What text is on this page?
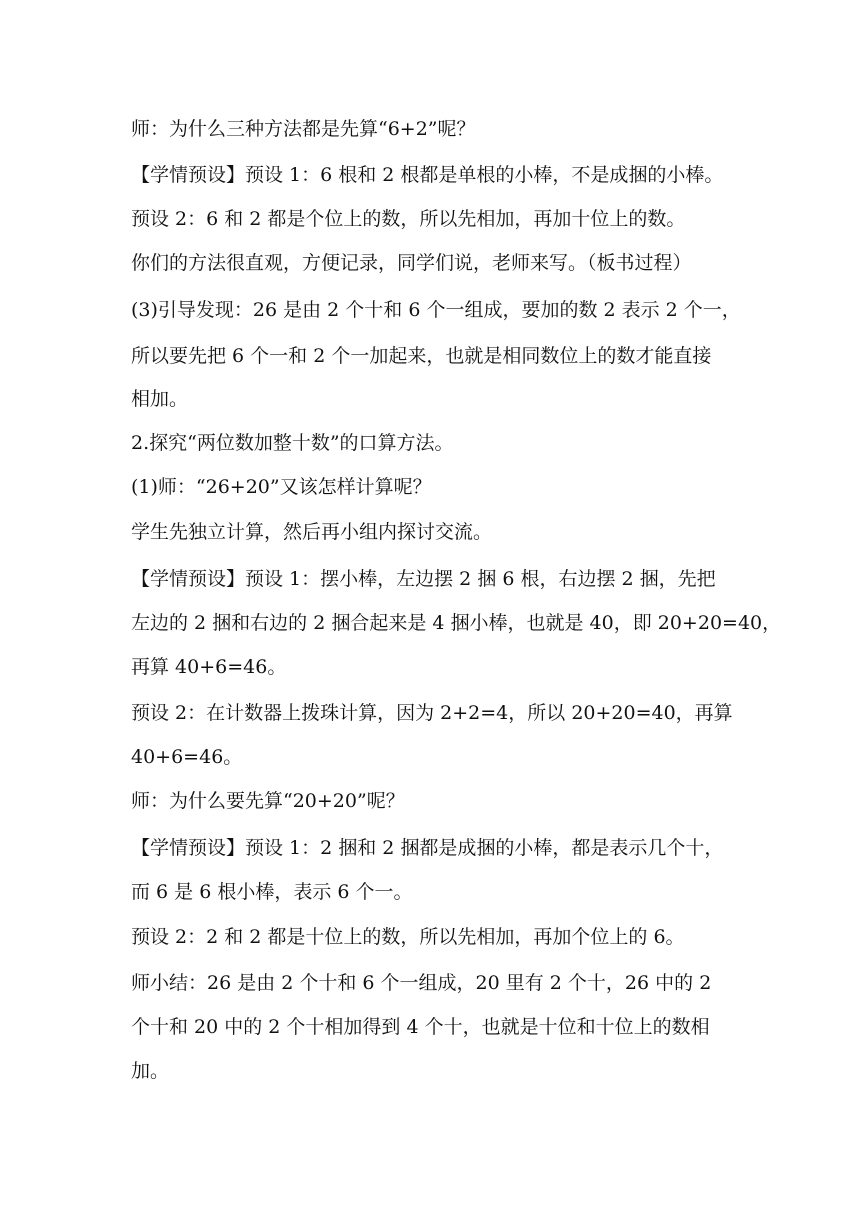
师：为什么三种方法都是先算“6+2”呢？
【学情预设】预设 1：6 根和 2 根都是单根的小棒，不是成捆的小棒。
预设 2：6 和 2 都是个位上的数，所以先相加，再加十位上的数。
你们的方法很直观，方便记录，同学们说，老师来写。（板书过程）
(3)引导发现：26 是由 2 个十和 6 个一组成，要加的数 2 表示 2 个一，
所以要先把 6 个一和 2 个一加起来，也就是相同数位上的数才能直接
相加。
2.探究“两位数加整十数”的口算方法。
(1)师：“26+20”又该怎样计算呢？
学生先独立计算，然后再小组内探讨交流。
【学情预设】预设 1：摆小棒，左边摆 2 捆 6 根，右边摆 2 捆，先把
左边的 2 捆和右边的 2 捆合起来是 4 捆小棒，也就是 40，即 20+20=40，
再算 40+6=46。
预设 2：在计数器上拨珠计算，因为 2+2=4，所以 20+20=40，再算
40+6=46。
师：为什么要先算“20+20”呢？
【学情预设】预设 1：2 捆和 2 捆都是成捆的小棒，都是表示几个十，
而 6 是 6 根小棒，表示 6 个一。
预设 2：2 和 2 都是十位上的数，所以先相加，再加个位上的 6。
师小结：26 是由 2 个十和 6 个一组成，20 里有 2 个十，26 中的 2
个十和 20 中的 2 个十相加得到 4 个十，也就是十位和十位上的数相
加。
